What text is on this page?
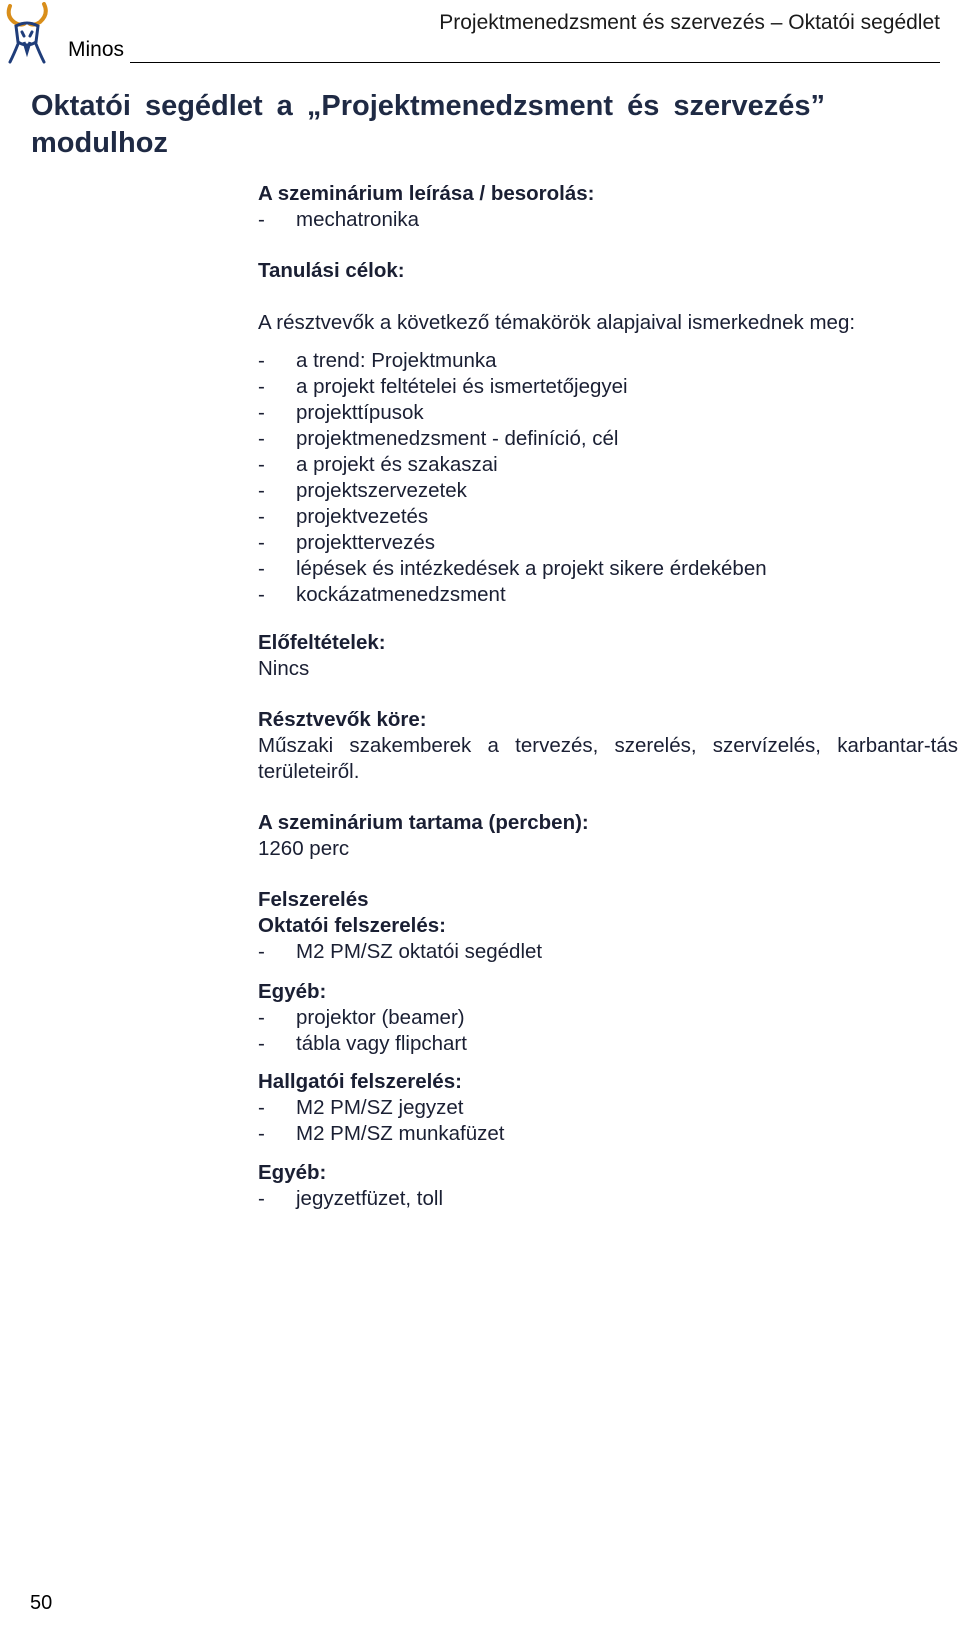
Minos
Projektmenedzsment és szervezés – Oktatói segédlet
Oktatói segédlet a „Projektmenedzsment és szervezés” modulhoz
A szeminárium leírása / besorolás:
- mechatronika
Tanulási célok:
A résztvevők a következő témakörök alapjaival ismerkednek meg:
- a trend: Projektmunka
- a projekt feltételei és ismertetőjegyei
- projekttípusok
- projektmenedzsment - definíció, cél
- a projekt és szakaszai
- projektszervezetek
- projektvezetés
- projekttervezés
- lépések és intézkedések a projekt sikere érdekében
- kockázatmenedzsment
Előfeltételek:
Nincs
Résztvevők köre:
Műszaki szakemberek a tervezés, szerelés, szervízelés, karbantar-tás területeiről.
A szeminárium tartama (percben):
1260 perc
Felszerelés
Oktatói felszerelés:
- M2 PM/SZ oktatói segédlet
Egyéb:
- projektor (beamer)
- tábla vagy flipchart
Hallgatói felszerelés:
- M2 PM/SZ jegyzet
- M2 PM/SZ munkafüzet
Egyéb:
- jegyzetfüzet, toll
50
